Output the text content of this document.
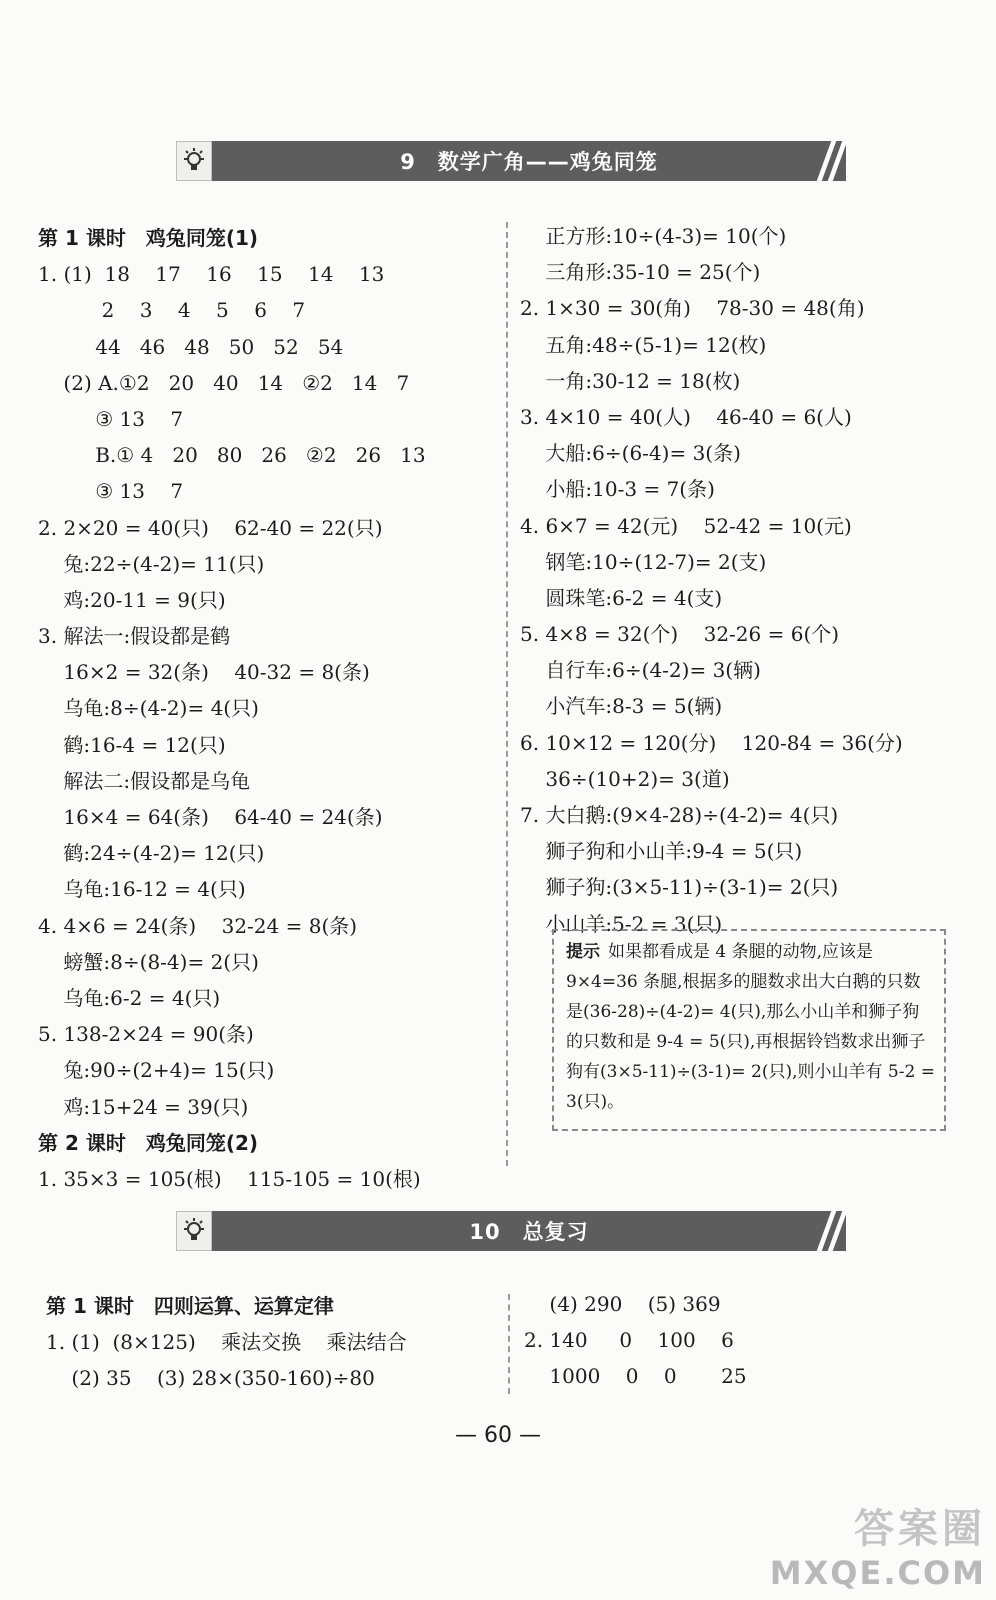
9　数学广角——鸡兔同笼
第 1 课时　鸡兔同笼(1)
1. (1)  18    17    16    15    14    13
2    3    4    5    6    7
44   46   48   50   52   54
(2) A.①2   20   40   14   ②2   14   7
③ 13    7
B.① 4   20   80   26   ②2   26   13
③ 13    7
2. 2×20 = 40(只)    62-40 = 22(只)
兔:22÷(4-2)= 11(只)
鸡:20-11 = 9(只)
3. 解法一:假设都是鹤
16×2 = 32(条)    40-32 = 8(条)
乌龟:8÷(4-2)= 4(只)
鹤:16-4 = 12(只)
解法二:假设都是乌龟
16×4 = 64(条)    64-40 = 24(条)
鹤:24÷(4-2)= 12(只)
乌龟:16-12 = 4(只)
4. 4×6 = 24(条)    32-24 = 8(条)
螃蟹:8÷(8-4)= 2(只)
乌龟:6-2 = 4(只)
5. 138-2×24 = 90(条)
兔:90÷(2+4)= 15(只)
鸡:15+24 = 39(只)
第 2 课时　鸡兔同笼(2)
1. 35×3 = 105(根)    115-105 = 10(根)
正方形:10÷(4-3)= 10(个)
三角形:35-10 = 25(个)
2. 1×30 = 30(角)    78-30 = 48(角)
五角:48÷(5-1)= 12(枚)
一角:30-12 = 18(枚)
3. 4×10 = 40(人)    46-40 = 6(人)
大船:6÷(6-4)= 3(条)
小船:10-3 = 7(条)
4. 6×7 = 42(元)    52-42 = 10(元)
钢笔:10÷(12-7)= 2(支)
圆珠笔:6-2 = 4(支)
5. 4×8 = 32(个)    32-26 = 6(个)
自行车:6÷(4-2)= 3(辆)
小汽车:8-3 = 5(辆)
6. 10×12 = 120(分)    120-84 = 36(分)
36÷(10+2)= 3(道)
7. 大白鹅:(9×4-28)÷(4-2)= 4(只)
狮子狗和小山羊:9-4 = 5(只)
狮子狗:(3×5-11)÷(3-1)= 2(只)
小山羊:5-2 = 3(只)
提示 如果都看成是 4 条腿的动物,应该是 9×4=36 条腿,根据多的腿数求出大白鹅的只数是(36-28)÷(4-2)= 4(只),那么小山羊和狮子狗的只数和是 9-4 = 5(只),再根据铃铛数求出狮子狗有(3×5-11)÷(3-1)= 2(只),则小山羊有 5-2 = 3(只)。
10　总复习
第 1 课时　四则运算、运算定律
1. (1)  (8×125)    乘法交换    乘法结合
(2) 35    (3) 28×(350-160)÷80
(4) 290    (5) 369
2. 140     0    100    6
1000    0    0       25
— 60 —
答案圈
MXQE.COM
